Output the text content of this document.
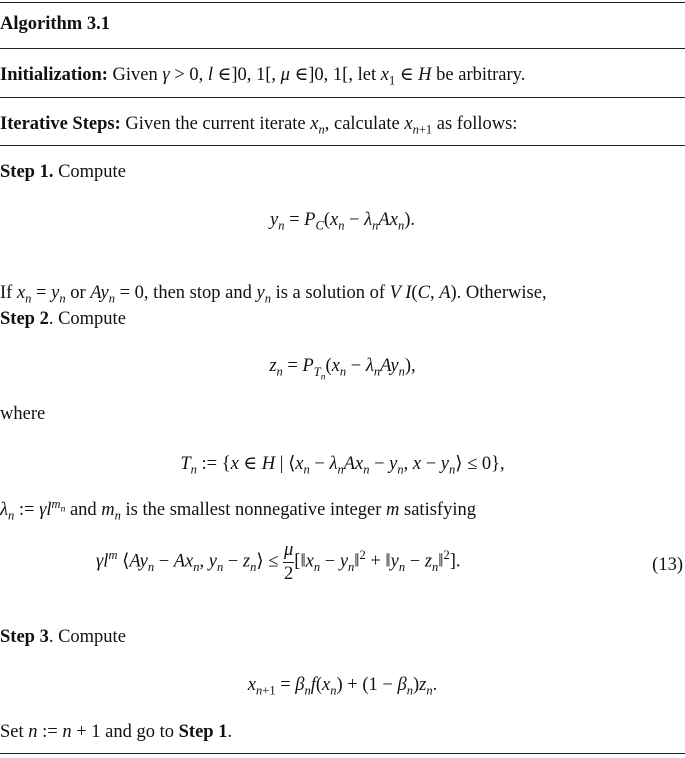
Algorithm 3.1
Initialization: Given γ > 0, l ∈]0, 1[, μ ∈]0, 1[, let $x_1$ ∈ H be arbitrary.
Iterative Steps: Given the current iterate $x_n$, calculate $x_{n+1}$ as follows:
Step 1. Compute
$y_n = P_C(x_n - \lambda_nAx_n)$.
If $x_n = y_n$ or $Ay_n = 0$, then stop and $y_n$ is a solution of V I(C, A). Otherwise,
Step 2. Compute
$z_n = P_{T_n}(x_n - \lambda_nAy_n)$,
where
$T_n$ := {x ∈ H | $⟨x_n - \lambda_nAx_n - y_n$, $x - y_n⟩ \le 0$},
$\lambda_n$ := $\gamma l^{m_n}$ and $m_n$ is the smallest nonnegative integer m satisfying
$\gamma l^m$ $⟨Ay_n - Ax_n$, $y_n$ − $z_n⟩ \le \frac{\mu}{2}$ [$‖x_n$ − $y_n‖^2$ + $‖y_n$ − $z_n‖^2$].	(13)
Step 3. Compute
$x_{n+1} = \beta_nf(x_n) + (1 - \beta_n)z_n$.
Set n := n + 1 and go to Step 1.
